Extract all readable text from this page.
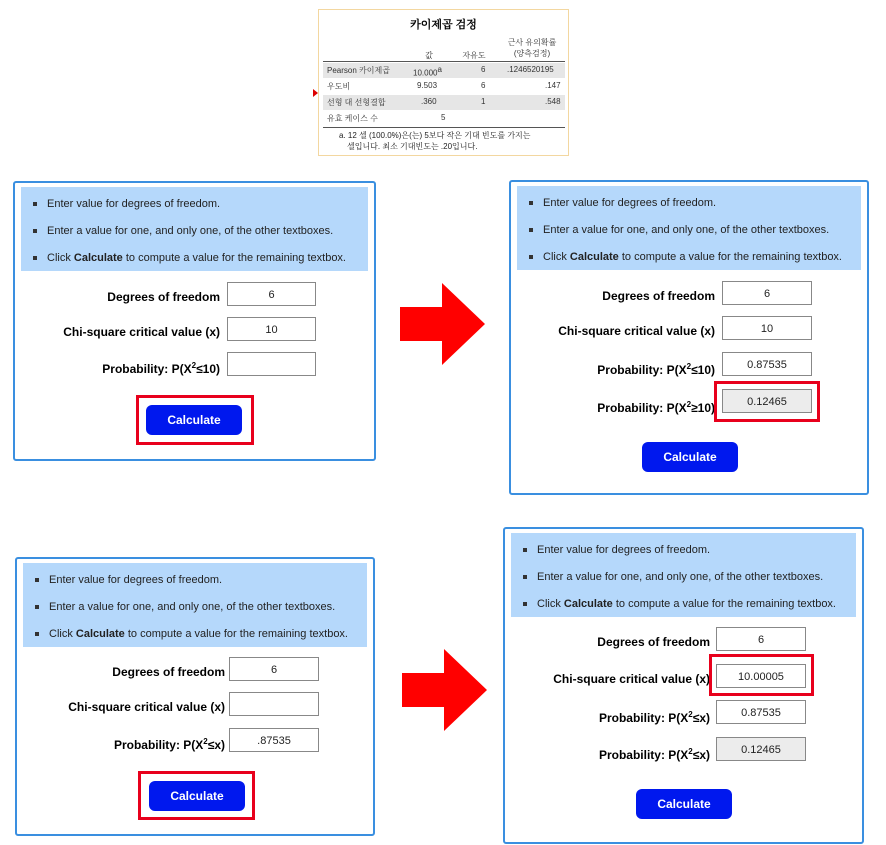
카이제곱 검정
값	자유도
근사 유의확률
(양측검정)
Pearson 카이제곱	10.000$^a$	6	.1246520195
우도비	9.503	6	.147
선형 대 선형결합	.360	1	.548
유효 케이스 수	5
a. 12 셀 (100.0%)은(는) 5보다 작은 기대 빈도를 가지는
셀입니다. 최소 기대빈도는 .20입니다.
Enter value for degrees of freedom.
Enter a value for one, and only one, of the other textboxes.
Click Calculate to compute a value for the remaining textbox.
Degrees of freedom	6
Chi-square critical value (x)	10
Probability: $P(X^2\le 10)$
Calculate
Enter value for degrees of freedom.
Enter a value for one, and only one, of the other textboxes.
Click Calculate to compute a value for the remaining textbox.
Degrees of freedom	6
Chi-square critical value (x)	10
Probability: $P(X^2\le 10)$	0.87535
Probability: $P(X^2\ge 10)$	0.12465
Calculate
Enter value for degrees of freedom.
Enter a value for one, and only one, of the other textboxes.
Click Calculate to compute a value for the remaining textbox.
Degrees of freedom	6
Chi-square critical value (x)
Probability: $P(X^2\le x)$	.87535
Calculate
Enter value for degrees of freedom.
Enter a value for one, and only one, of the other textboxes.
Click Calculate to compute a value for the remaining textbox.
Degrees of freedom	6
Chi-square critical value (x)	10.00005
Probability: $P(X^2\le x)$	0.87535
Probability: $P(X^2\le x)$	0.12465
Calculate
